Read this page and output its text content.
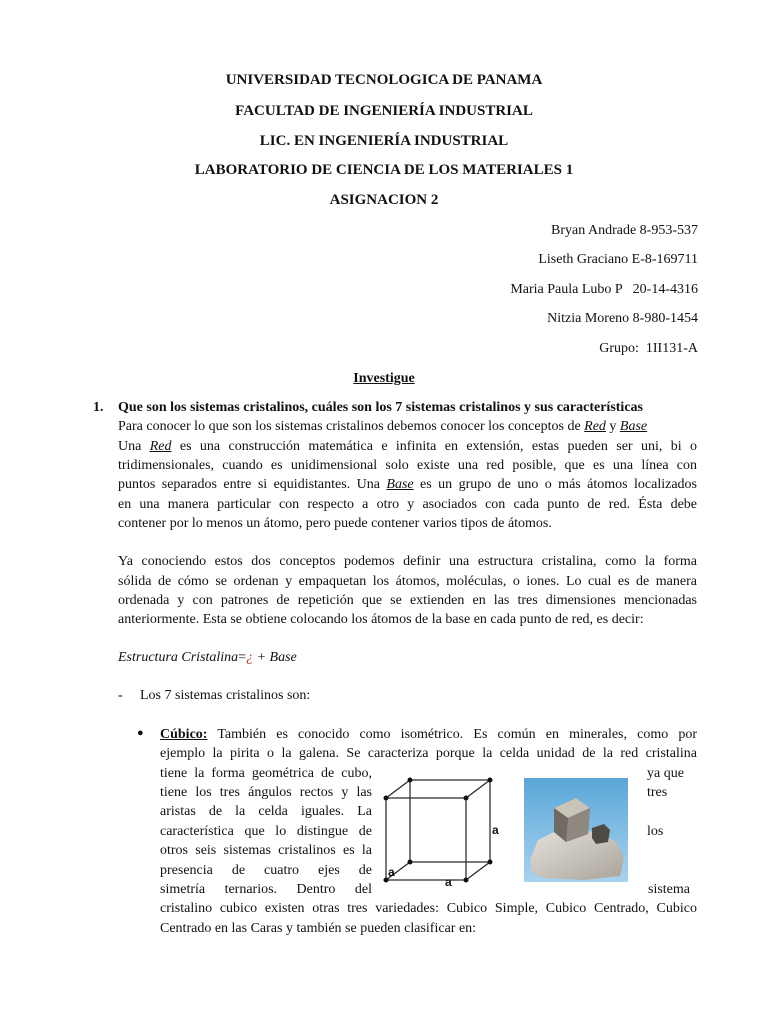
UNIVERSIDAD TECNOLOGICA DE PANAMA
FACULTAD DE INGENIERÍA INDUSTRIAL
LIC. EN INGENIERÍA INDUSTRIAL
LABORATORIO DE CIENCIA DE LOS MATERIALES 1
ASIGNACION 2
Bryan Andrade 8-953-537
Liseth Graciano E-8-169711
Maria Paula Lubo P   20-14-4316
Nitzia Moreno 8-980-1454
Grupo:  1II131-A
Investigue
1. Que son los sistemas cristalinos, cuáles son los 7 sistemas cristalinos y sus características
Para conocer lo que son los sistemas cristalinos debemos conocer los conceptos de Red y Base
Una Red es una construcción matemática e infinita en extensión, estas pueden ser uni, bi o
tridimensionales, cuando es unidimensional solo existe una red posible, que es una línea con
puntos separados entre si equidistantes. Una Base es un grupo de uno o más átomos localizados
en una manera particular con respecto a otro y asociados con cada punto de red. Ésta debe
contener por lo menos un átomo, pero puede contener varios tipos de átomos.
Ya conociendo estos dos conceptos podemos definir una estructura cristalina, como la forma
sólida de cómo se ordenan y empaquetan los átomos, moléculas, o iones. Lo cual es de manera
ordenada y con patrones de repetición que se extienden en las tres dimensiones mencionadas
anteriormente. Esta se obtiene colocando los átomos de la base en cada punto de red, es decir:
Estructura Cristalina=¿ + Base
- Los 7 sistemas cristalinos son:
● Cúbico: También es conocido como isométrico. Es común en minerales, como por
ejemplo la pirita o la galena. Se caracteriza porque la celda unidad de la red cristalina
tiene la forma geométrica de cubo,
tiene los tres ángulos rectos y las
aristas de la celda iguales. La
característica que lo distingue de
otros seis sistemas cristalinos es la
presencia de cuatro ejes de
simetría ternarios. Dentro del
ya que
tres
los
sistema
cristalino cubico existen otras tres variedades: Cubico Simple, Cubico Centrado, Cubico
Centrado en las Caras y también se pueden clasificar en:
a
a
a
